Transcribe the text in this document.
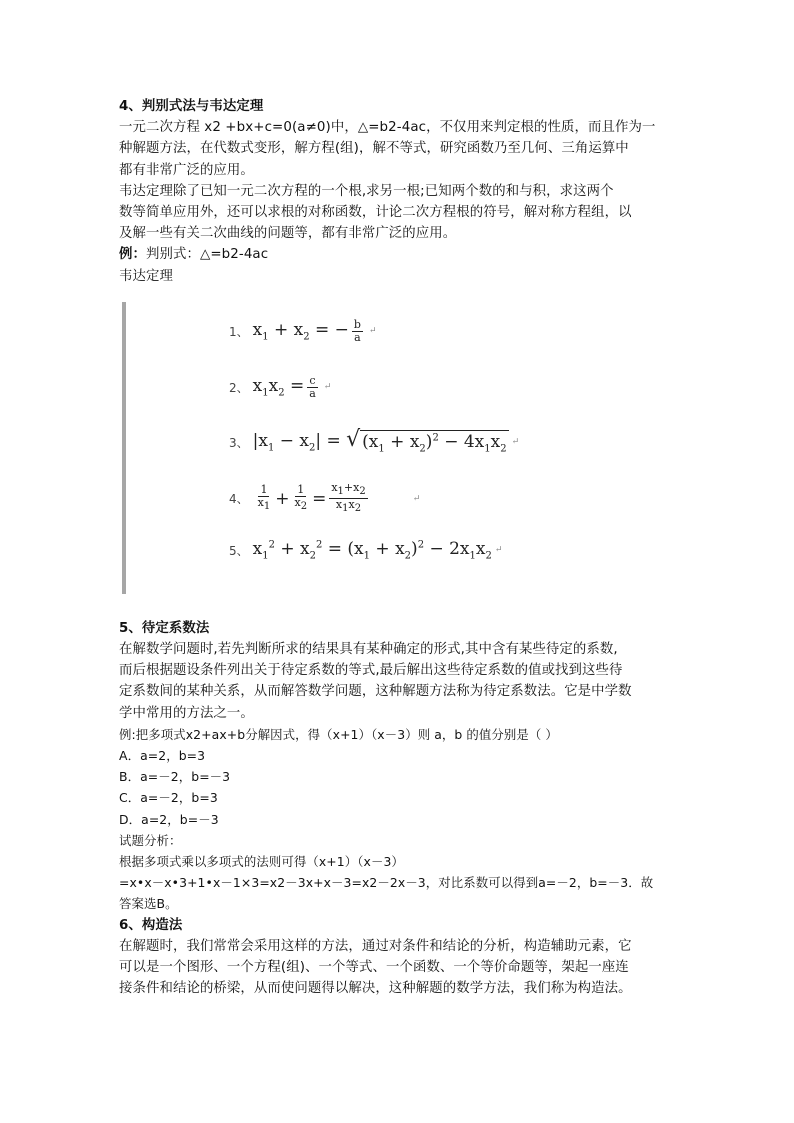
4、判别式法与韦达定理

一元二次方程 x2 +bx+c=0(a≠0)中，△=b2-4ac，不仅用来判定根的性质，而且作为一

种解题方法，在代数式变形，解方程(组)，解不等式，研究函数乃至几何、三角运算中

都有非常广泛的应用。

韦达定理除了已知一元二次方程的一个根,求另一根;已知两个数的和与积，求这两个

数等简单应用外，还可以求根的对称函数，计论二次方程根的符号，解对称方程组，以

及解一些有关二次曲线的问题等，都有非常广泛的应用。

例：判别式：△=b2-4ac

韦达定理

1、 $x_1 + x_2$ = − $\frac{b}{a}$ ↵
2、 $x_1x_2 = \frac{c}{a}$ ↵
3、 $|x_1 - x_2|$ = √ $(x_1 + x_2)^2 - 4x_1x_2$
↵
4、 $\frac{1}{x_1} + \frac{1}{x_2} = \frac{x_1+x_2}{x_1x_2}$	↵
5、 $x_1^2 + x_2^2 = (x_1 + x_2)^2 - 2x_1x_2$
↵

5、待定系数法

在解数学问题时,若先判断所求的结果具有某种确定的形式,其中含有某些待定的系数,

而后根据题设条件列出关于待定系数的等式,最后解出这些待定系数的值或找到这些待

定系数间的某种关系，从而解答数学问题，这种解题方法称为待定系数法。它是中学数

学中常用的方法之一。

例:把多项式x2+ax+b分解因式，得（x+1）（x－3）则 a，b 的值分别是（ ）

A．a=2，b=3

B．a=－2，b=－3

C．a=－2，b=3

D．a=2，b=－3

试题分析：

根据多项式乘以多项式的法则可得（x+1）（x－3）

=x•x－x•3+1•x－1×3=x2－3x+x－3=x2－2x－3，对比系数可以得到a=－2，b=－3．故

答案选B。

6、构造法

在解题时，我们常常会采用这样的方法，通过对条件和结论的分析，构造辅助元素，它

可以是一个图形、一个方程(组)、一个等式、一个函数、一个等价命题等，架起一座连

接条件和结论的桥梁，从而使问题得以解决，这种解题的数学方法，我们称为构造法。
